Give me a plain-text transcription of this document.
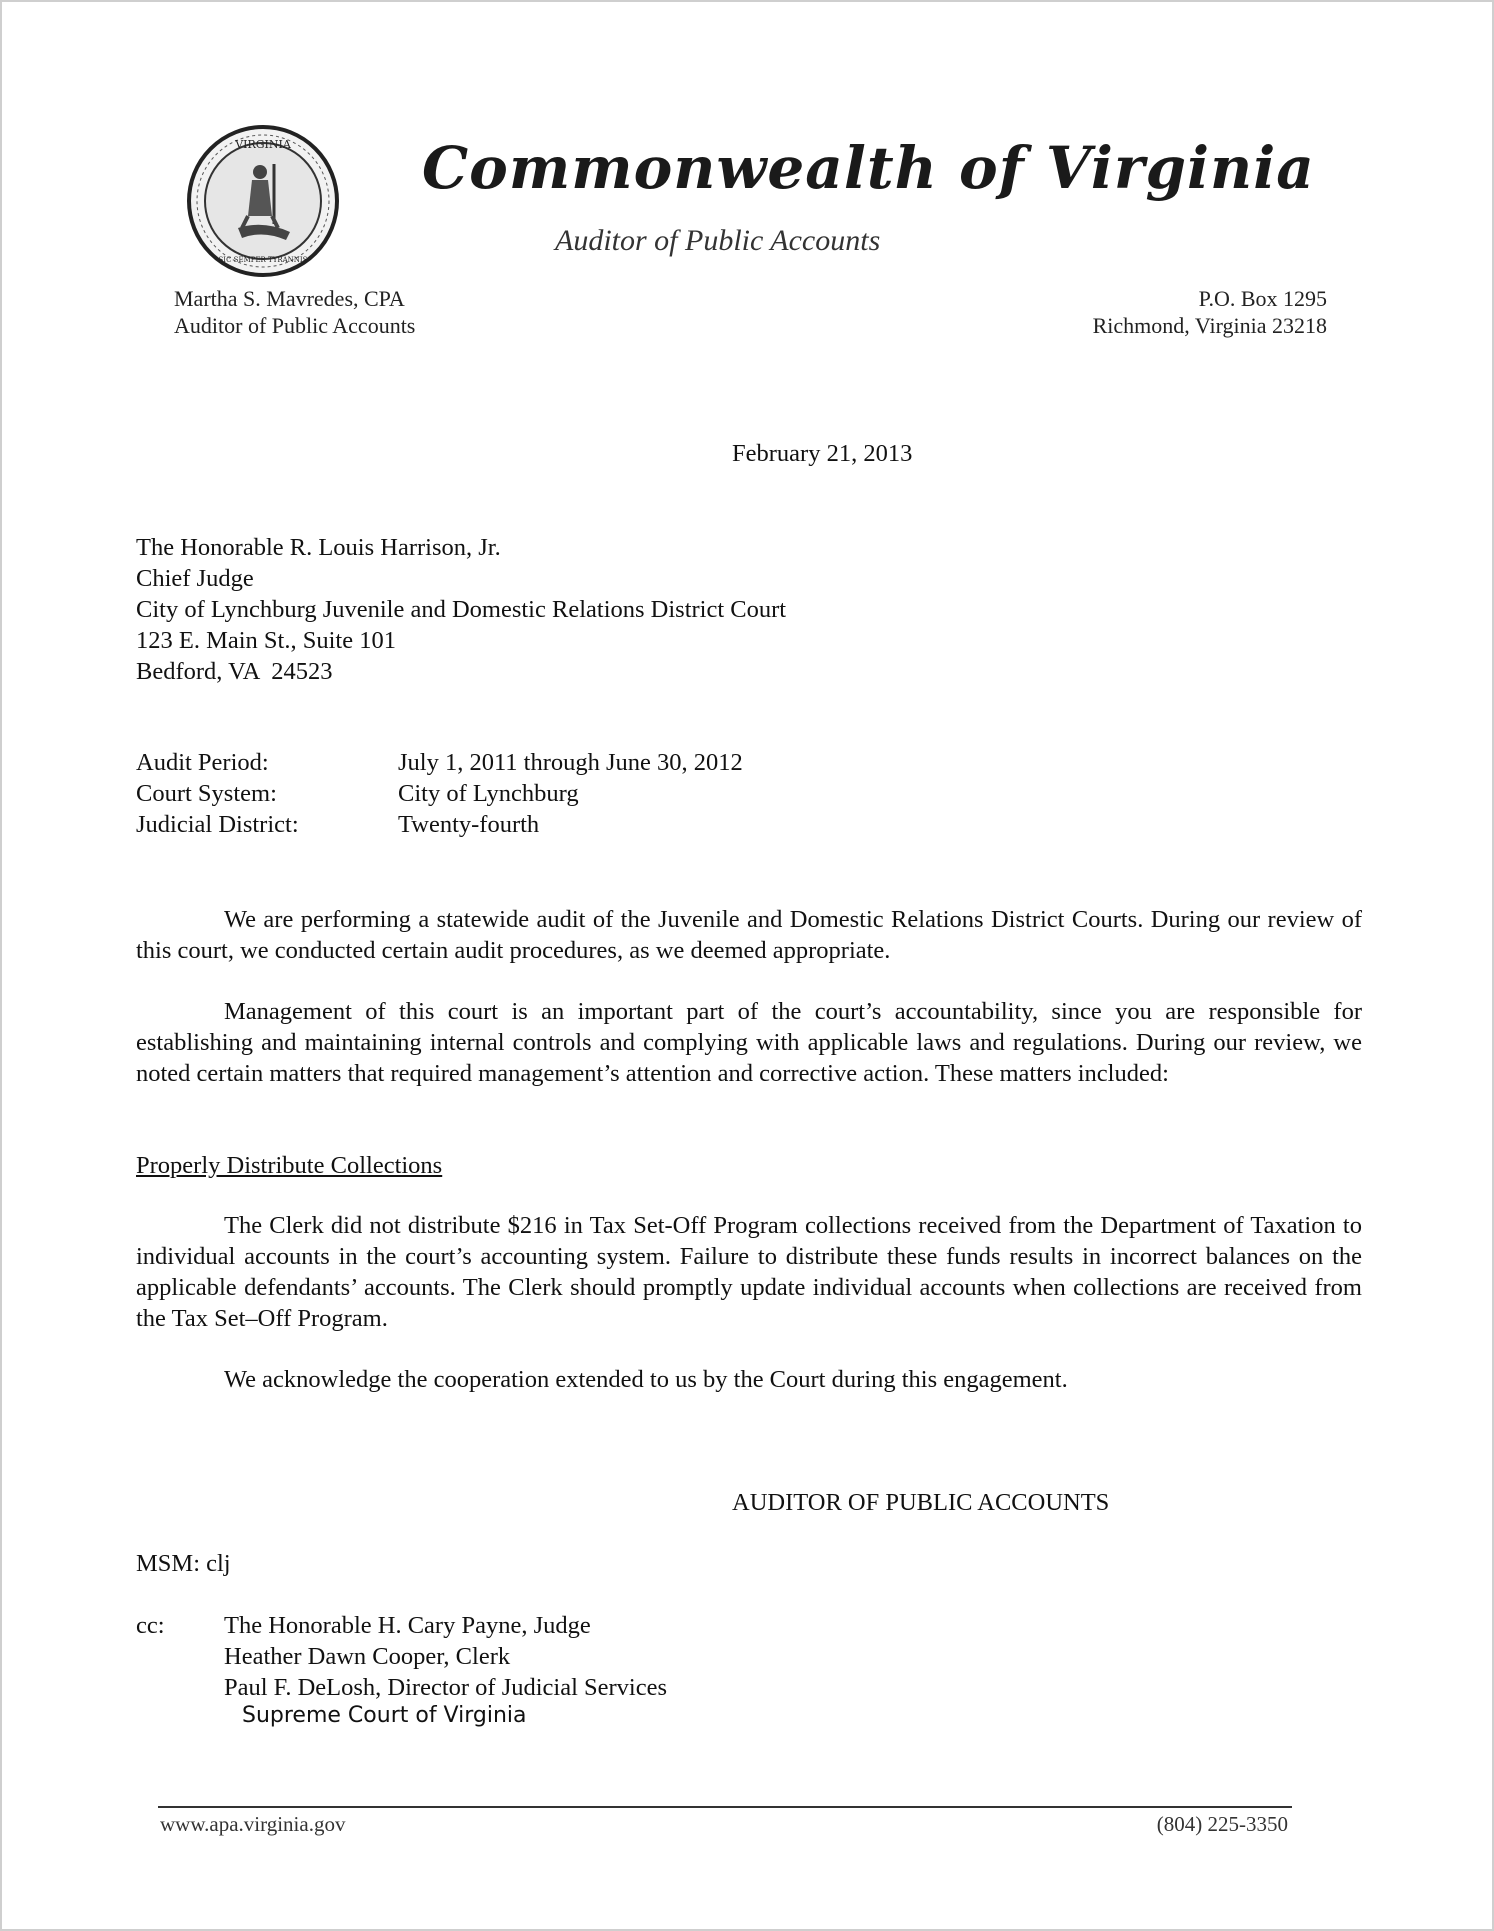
VIRGINIA
SIC SEMPER TYRANNIS
Commonwealth of Virginia
Auditor of Public Accounts
Martha S. Mavredes, CPA
Auditor of Public Accounts
P.O. Box 1295
Richmond, Virginia 23218
February 21, 2013
The Honorable R. Louis Harrison, Jr.
Chief Judge
City of Lynchburg Juvenile and Domestic Relations District Court
123 E. Main St., Suite 101
Bedford, VA  24523
Audit Period:	July 1, 2011 through June 30, 2012
Court System:	City of Lynchburg
Judicial District:	Twenty-fourth
We are performing a statewide audit of the Juvenile and Domestic Relations District Courts. During our review of this court, we conducted certain audit procedures, as we deemed appropriate.
Management of this court is an important part of the court’s accountability, since you are responsible for establishing and maintaining internal controls and complying with applicable laws and regulations. During our review, we noted certain matters that required management’s attention and corrective action. These matters included:
Properly Distribute Collections
The Clerk did not distribute $216 in Tax Set-Off Program collections received from the Department of Taxation to individual accounts in the court’s accounting system. Failure to distribute these funds results in incorrect balances on the applicable defendants’ accounts. The Clerk should promptly update individual accounts when collections are received from the Tax Set–Off Program.
We acknowledge the cooperation extended to us by the Court during this engagement.
AUDITOR OF PUBLIC ACCOUNTS
MSM: clj
cc: The Honorable H. Cary Payne, Judge
Heather Dawn Cooper, Clerk
Paul F. DeLosh, Director of Judicial Services
Supreme Court of Virginia
www.apa.virginia.gov	(804) 225-3350
